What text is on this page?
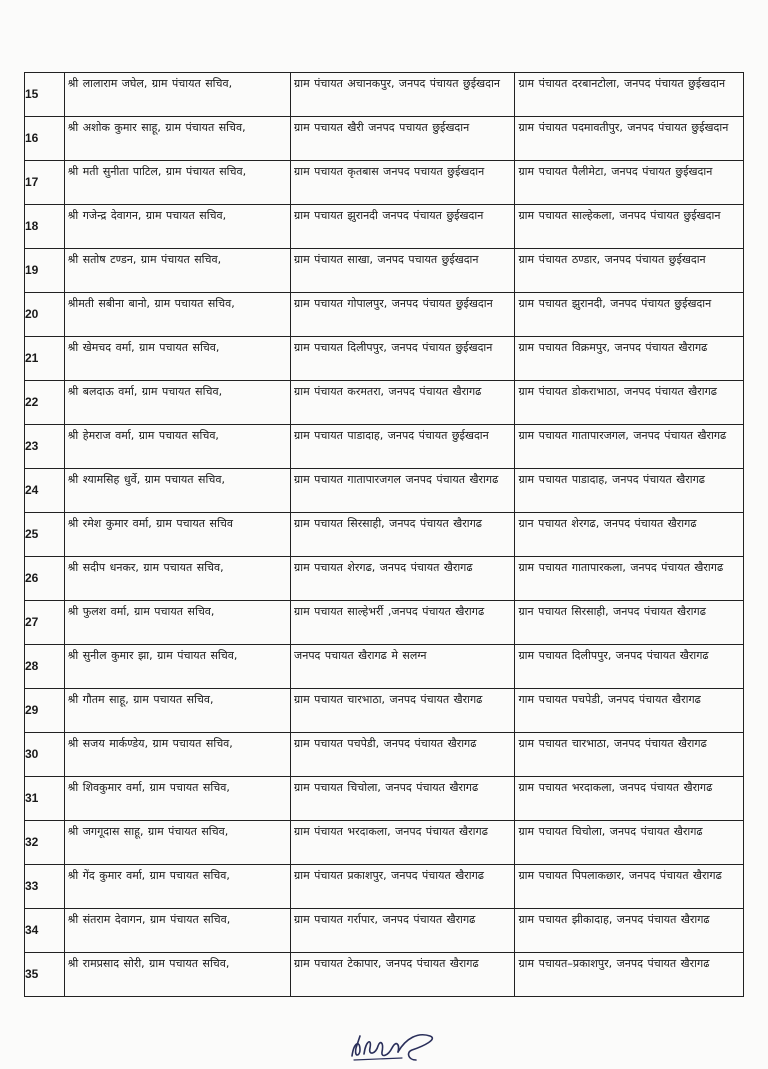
15	श्री लालाराम जघेल, ग्राम पंचायत सचिव,	ग्राम पंचायत अचानकपुर, जनपद पंचायत छुईखदान	ग्राम पंचायत दरबानटोला, जनपद पंचायत छुईखदान
16	श्री अशोक कुमार साहू, ग्राम पंचायत सचिव,	ग्राम पचायत खैरी जनपद पचायत छुईखदान	ग्राम पंचायत पदमावतीपुर, जनपद पंचायत छुईखदान
17	श्री मती सुनीता पाटिल, ग्राम पंचायत सचिव,	ग्राम पचायत कृतबास जनपद पचायत छुईखदान	ग्राम पचायत पैलीमेटा, जनपद पंचायत छुईखदान
18	श्री गजेन्द्र देवागन, ग्राम पचायत सचिव,	ग्राम पचायत झुरानदी जनपद पंचायत छुईखदान	ग्राम पचायत साल्हेकला, जनपद पंचायत छुईखदान
19	श्री सतोष टण्डन, ग्राम पंचायत सचिव,	ग्राम पंचायत साखा, जनपद पचायत छुईखदान	ग्राम पंचायत ठण्डार, जनपद पंचायत छुईखदान
20	श्रीमती सबीना बानो, ग्राम पचायत सचिव,	ग्राम पचायत गोपालपुर, जनपद पंचायत छुईखदान	ग्राम पचायत झुरानदी, जनपद पंचायत छुईखदान
21	श्री खेमचद वर्मा, ग्राम पचायत सचिव,	ग्राम पचायत दिलीपपुर, जनपद पंचायत छुईखदान	ग्राम पचायत विक्रमपुर, जनपद पंचायत खैरागढ
22	श्री बलदाऊ वर्मा, ग्राम पचायत सचिव,	ग्राम पंचायत करमतरा, जनपद पंचायत खैरागढ	ग्राम पंचायत डोकराभाठा, जनपद पंचायत खैरागढ
23	श्री हेमराज वर्मा, ग्राम पचायत सचिव,	ग्राम पचायत पाडादाह, जनपद पंचायत छुईखदान	ग्राम पचायत गातापारजगल, जनपद पंचायत खैरागढ
24	श्री श्यामसिह धुर्वे, ग्राम पचायत सचिव,	ग्राम पचायत गातापारजगल जनपद पंचायत खैरागढ	ग्राम पचायत पाडादाह, जनपद पंचायत खैरागढ
25	श्री रमेश कुमार वर्मा, ग्राम पचायत सचिव	ग्राम पचायत सिरसाही, जनपद पंचायत खैरागढ	ग्रान पचायत शेरगढ, जनपद पंचायत खैरागढ
26	श्री सदीप धनकर, ग्राम पचायत सचिव,	ग्राम पचायत शेरगढ, जनपद पंचायत खैरागढ	ग्राम पचायत गातापारकला, जनपद पंचायत खैरागढ
27	श्री फुलश वर्मा, ग्राम पचायत सचिव,	ग्राम पचायत साल्हेभर्री ,जनपद पंचायत खैरागढ	ग्रान पचायत सिरसाही, जनपद पंचायत खैरागढ
28	श्री सुनील कुमार झा, ग्राम पंचायत सचिव,	जनपद पचायत खैरागढ मे सलग्न	ग्राम पचायत दिलीपपुर, जनपद पंचायत खैरागढ
29	श्री गौतम साहू, ग्राम पचायत सचिव,	ग्राम पचायत चारभाठा, जनपद पंचायत खैरागढ	गाम पचायत पचपेडी, जनपद पंचायत खैरागढ
30	श्री सजय मार्कण्डेय, ग्राम पचायत सचिव,	ग्राम पचायत पचपेडी, जनपद पंचायत खैरागढ	ग्राम पचायत चारभाठा, जनपद पंचायत खैरागढ
31	श्री शिवकुमार वर्मा, ग्राम पचायत सचिव,	ग्राम पचायत चिचोला, जनपद पंचायत खैरागढ	ग्राम पचायत भरदाकला, जनपद पंचायत खैरागढ
32	श्री जगगूदास साहू, ग्राम पंचायत सचिव,	ग्राम पंचायत भरदाकला, जनपद पंचायत खैरागढ	ग्राम पचायत चिचोला, जनपद पंचायत खैरागढ
33	श्री गेंद कुमार वर्मा, ग्राम पचायत सचिव,	ग्राम पंचायत प्रकाशपुर, जनपद पंचायत खैरागढ	ग्राम पचायत पिपलाकछार, जनपद पंचायत खैरागढ
34	श्री संतराम देवागन, ग्राम पंचायत सचिव,	ग्राम पचायत गर्रापार, जनपद पंचायत खैरागढ	ग्राम पचायत झीकादाह, जनपद पंचायत खैरागढ
35	श्री रामप्रसाद सोरी, ग्राम पचायत सचिव,	ग्राम पचायत टेकापार, जनपद पंचायत खैरागढ	ग्राम पचायत–प्रकाशपुर, जनपद पंचायत खैरागढ
